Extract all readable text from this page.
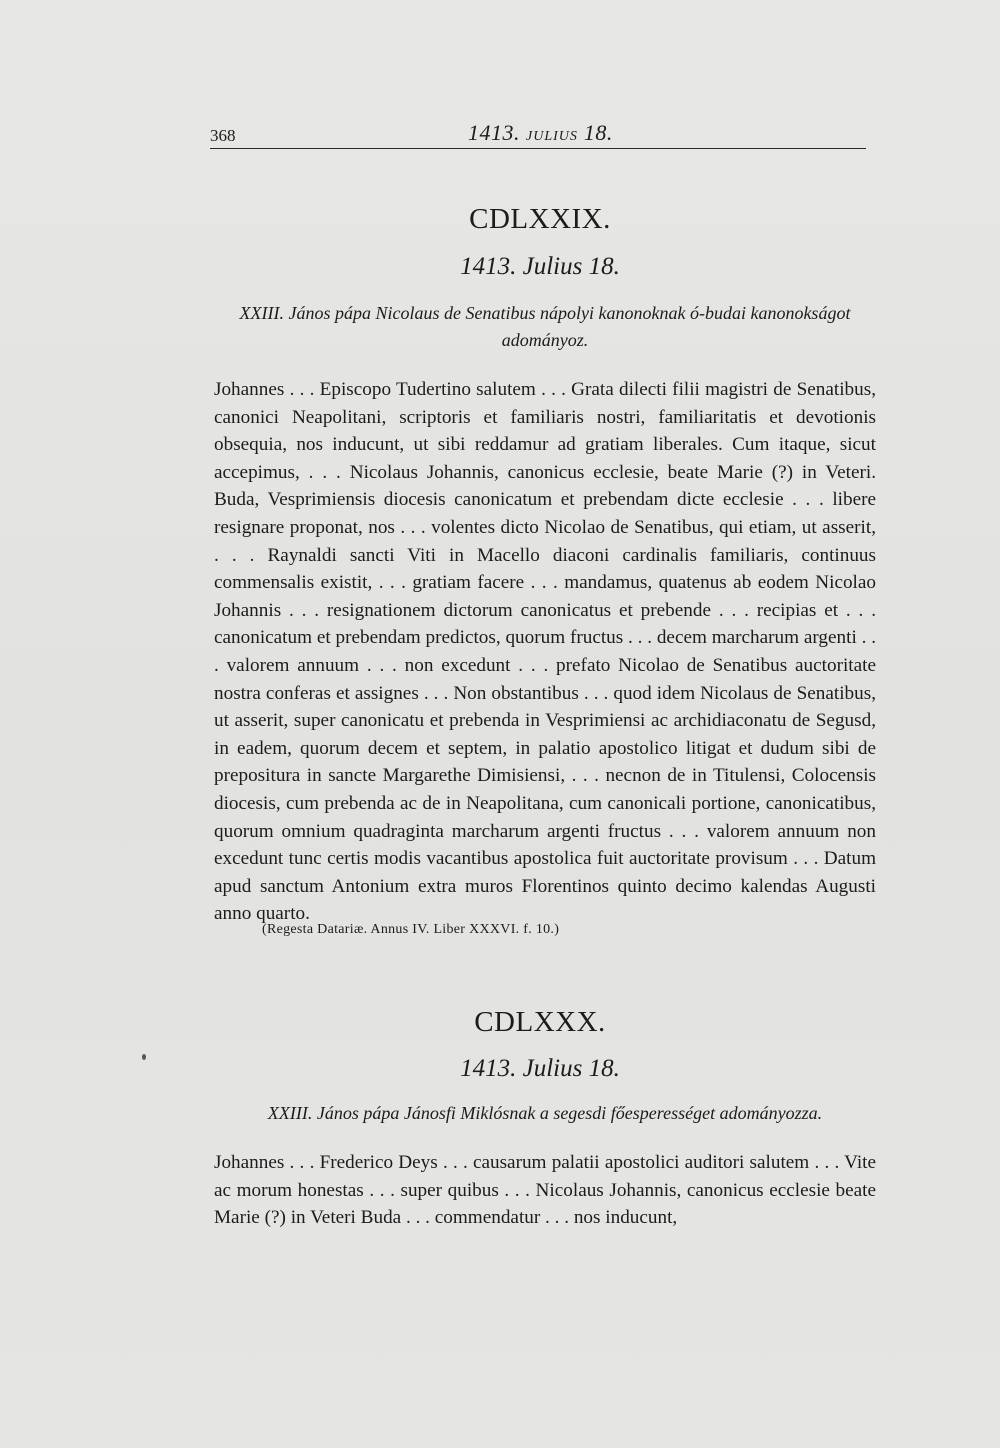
368	1413. JULIUS 18.
CDLXXIX.
1413. Julius 18.
XXIII. János pápa Nicolaus de Senatibus nápolyi kanonoknak ó-budai kanonokságot adományoz.
Johannes . . . Episcopo Tudertino salutem . . . Grata dilecti filii magistri de Senatibus, canonici Neapolitani, scriptoris et familiaris nostri, familiaritatis et devotionis obsequia, nos inducunt, ut sibi reddamur ad gratiam liberales. Cum itaque, sicut accepimus, . . . Nicolaus Johannis, canonicus ecclesie, beate Marie (?) in Veteri. Buda, Vesprimiensis diocesis canonicatum et prebendam dicte ecclesie . . . libere resignare proponat, nos . . . volentes dicto Nicolao de Senatibus, qui etiam, ut asserit, . . . Raynaldi sancti Viti in Macello diaconi cardinalis familiaris, continuus commensalis existit, . . . gratiam facere . . . mandamus, quatenus ab eodem Nicolao Johannis . . . resignationem dictorum canonicatus et prebende . . . recipias et . . . canonicatum et prebendam predictos, quorum fructus . . . decem marcharum argenti . . . valorem annuum . . . non excedunt . . . prefato Nicolao de Senatibus auctoritate nostra conferas et assignes . . . Non obstantibus . . . quod idem Nicolaus de Senatibus, ut asserit, super canonicatu et prebenda in Vesprimiensi ac archidiaconatu de Segusd, in eadem, quorum decem et septem, in palatio apostolico litigat et dudum sibi de prepositura in sancte Margarethe Dimisiensi, . . . necnon de in Titulensi, Colocensis diocesis, cum prebenda ac de in Neapolitana, cum canonicali portione, canonicatibus, quorum omnium quadraginta marcharum argenti fructus . . . valorem annuum non excedunt tunc certis modis vacantibus apostolica fuit auctoritate provisum . . . Datum apud sanctum Antonium extra muros Florentinos quinto decimo kalendas Augusti anno quarto.
(Regesta Datariæ. Annus IV. Liber XXXVI. f. 10.)
CDLXXX.
1413. Julius 18.
XXIII. János pápa Jánosfi Miklósnak a segesdi főesperességet adományozza.
Johannes . . . Frederico Deys . . . causarum palatii apostolici auditori salutem . . . Vite ac morum honestas . . . super quibus . . . Nicolaus Johannis, canonicus ecclesie beate Marie (?) in Veteri Buda . . . commendatur . . . nos inducunt,
